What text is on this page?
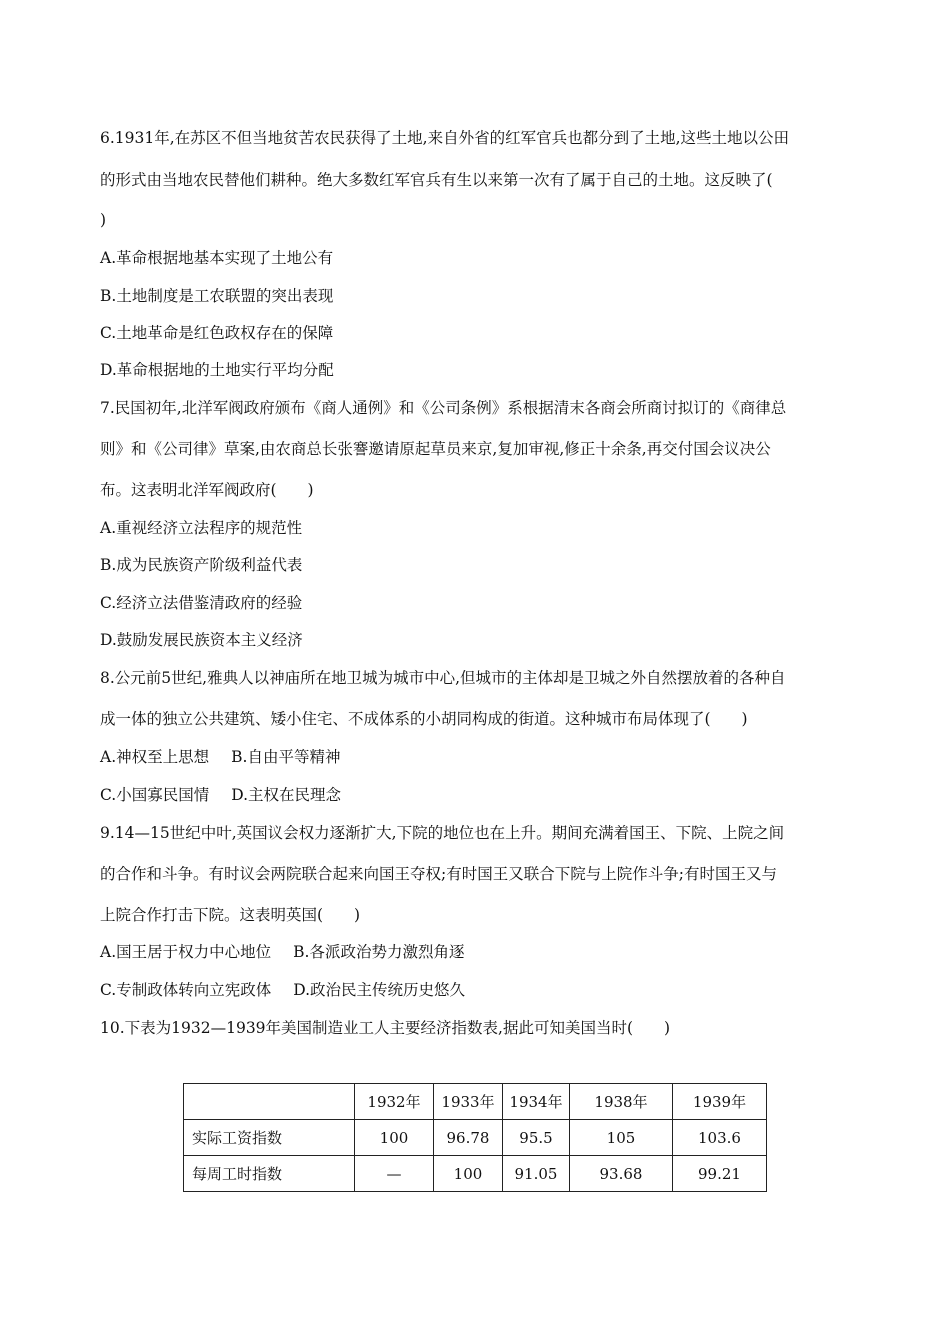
6.1931年,在苏区不但当地贫苦农民获得了土地,来自外省的红军官兵也都分到了土地,这些土地以公田
的形式由当地农民替他们耕种。绝大多数红军官兵有生以来第一次有了属于自己的土地。这反映了(
)
A.革命根据地基本实现了土地公有
B.土地制度是工农联盟的突出表现
C.土地革命是红色政权存在的保障
D.革命根据地的土地实行平均分配
7.民国初年,北洋军阀政府颁布《商人通例》和《公司条例》系根据清末各商会所商讨拟订的《商律总
则》和《公司律》草案,由农商总长张謇邀请原起草员来京,复加审视,修正十余条,再交付国会议决公
布。这表明北洋军阀政府(　　)
A.重视经济立法程序的规范性
B.成为民族资产阶级利益代表
C.经济立法借鉴清政府的经验
D.鼓励发展民族资本主义经济
8.公元前5世纪,雅典人以神庙所在地卫城为城市中心,但城市的主体却是卫城之外自然摆放着的各种自
成一体的独立公共建筑、矮小住宅、不成体系的小胡同构成的街道。这种城市布局体现了(　　)
A.神权至上思想 B.自由平等精神
C.小国寡民国情 D.主权在民理念
9.14—15世纪中叶,英国议会权力逐渐扩大,下院的地位也在上升。期间充满着国王、下院、上院之间
的合作和斗争。有时议会两院联合起来向国王夺权;有时国王又联合下院与上院作斗争;有时国王又与
上院合作打击下院。这表明英国(　　)
A.国王居于权力中心地位 B.各派政治势力激烈角逐
C.专制政体转向立宪政体 D.政治民主传统历史悠久
10.下表为1932—1939年美国制造业工人主要经济指数表,据此可知美国当时(　　)
	1932年	1933年	1934年	1938年	1939年
实际工资指数	100	96.78	95.5	105	103.6
每周工时指数	—	100	91.05	93.68	99.21
